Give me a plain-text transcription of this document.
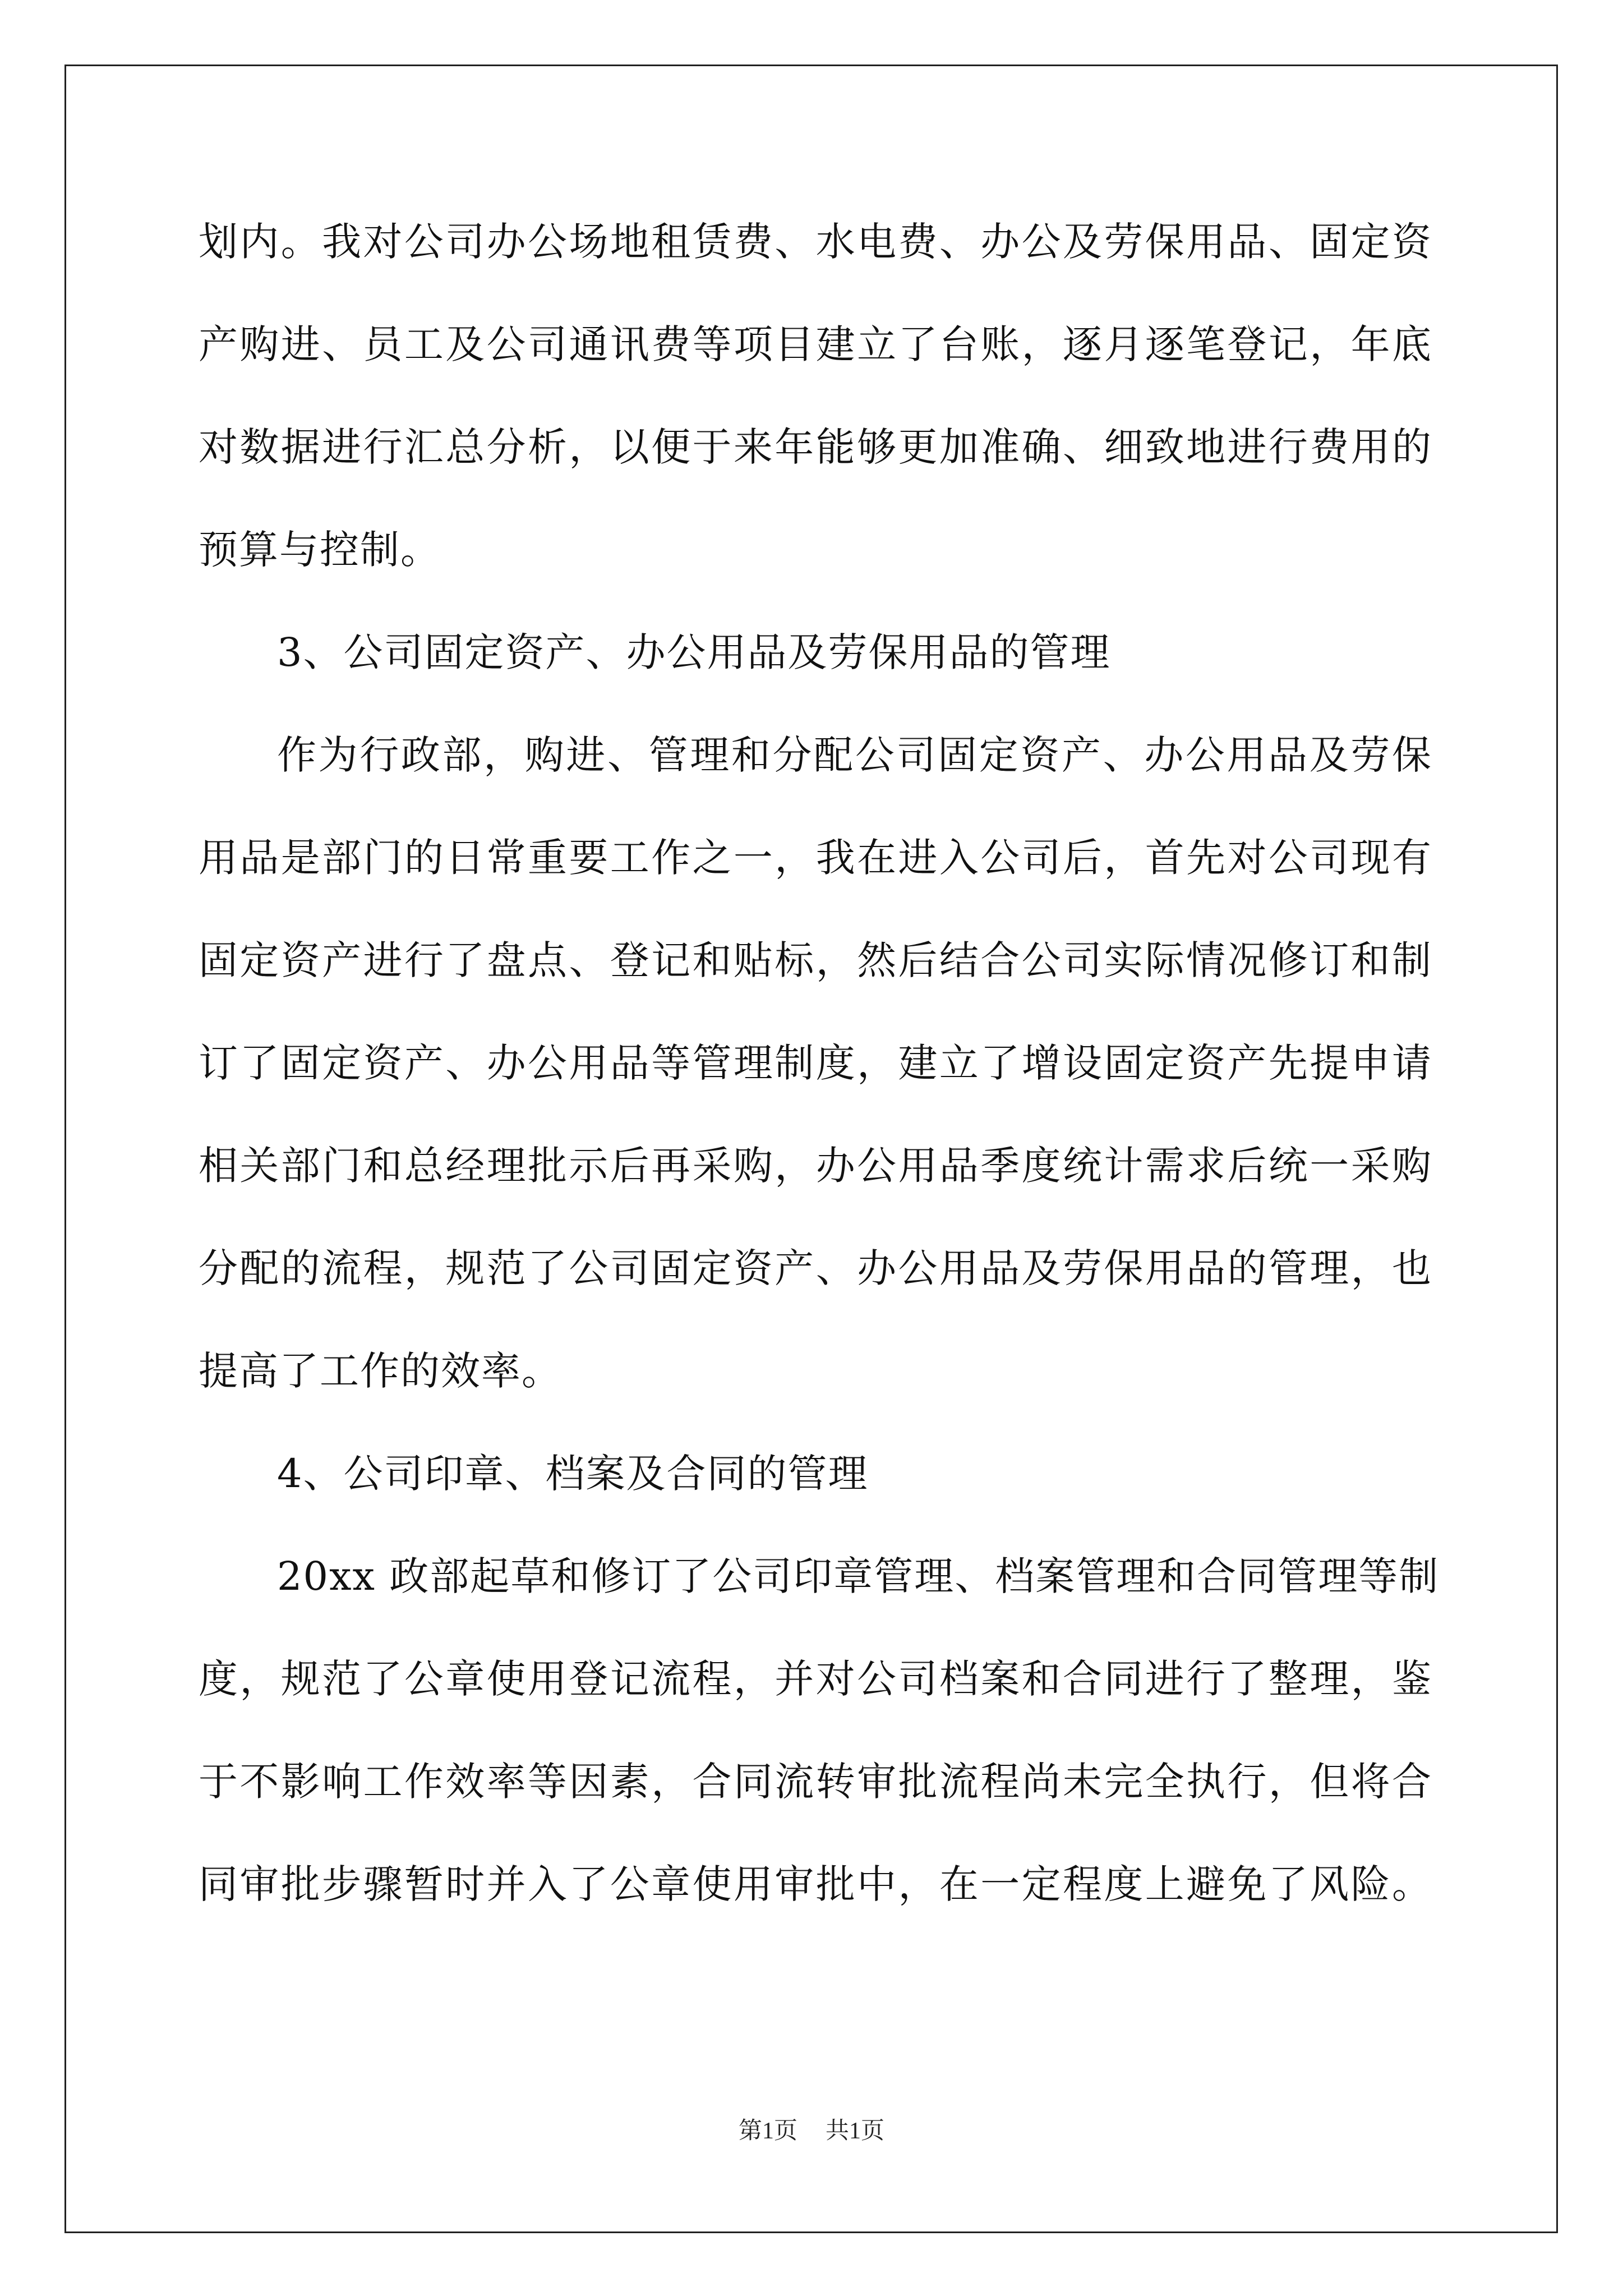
划内。我对公司办公场地租赁费、水电费、办公及劳保用品、固定资
产购进、员工及公司通讯费等项目建立了台账，逐月逐笔登记，年底
对数据进行汇总分析，以便于来年能够更加准确、细致地进行费用的
预算与控制。
3、公司固定资产、办公用品及劳保用品的管理
作为行政部，购进、管理和分配公司固定资产、办公用品及劳保
用品是部门的日常重要工作之一，我在进入公司后，首先对公司现有
固定资产进行了盘点、登记和贴标，然后结合公司实际情况修订和制
订了固定资产、办公用品等管理制度，建立了增设固定资产先提申请
相关部门和总经理批示后再采购，办公用品季度统计需求后统一采购
分配的流程，规范了公司固定资产、办公用品及劳保用品的管理，也
提高了工作的效率。
4、公司印章、档案及合同的管理
20xx 政部起草和修订了公司印章管理、档案管理和合同管理等制
度，规范了公章使用登记流程，并对公司档案和合同进行了整理，鉴
于不影响工作效率等因素，合同流转审批流程尚未完全执行，但将合
同审批步骤暂时并入了公章使用审批中，在一定程度上避免了风险。
第1页 共1页
